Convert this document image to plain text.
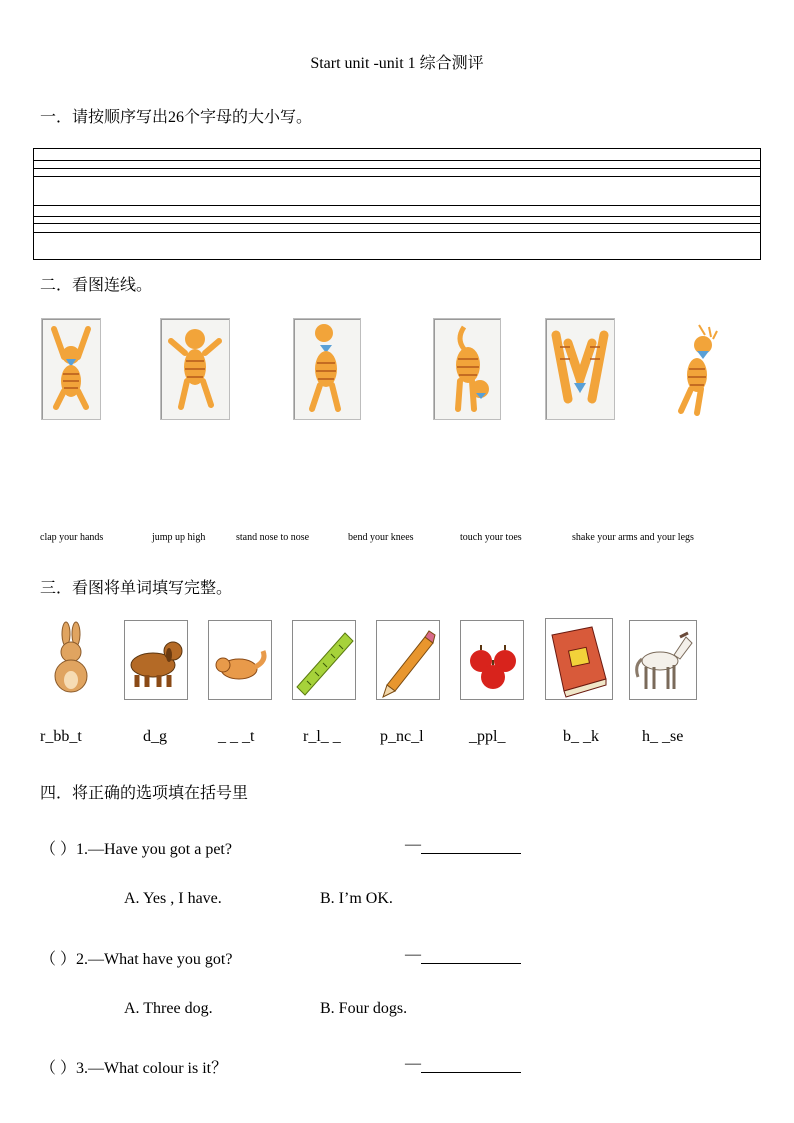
Start unit -unit 1 综合测评
一．请按顺序写出26个字母的大小写。
二．看图连线。
clap your hands	jump up high	stand nose to nose	bend your knees	touch your toes	shake your arms and your legs
三．看图将单词填写完整。
r_bb_t	d_g	_ _ _t	r_l_ _ p_nc_l	_ppl_	b_ _k	h_ _se
四．将正确的选项填在括号里
（ ）1.—Have you got a pet?	—
A. Yes , I have.	B. I’m OK.
（ ）2.—What have you got?	—
A. Three dog.	B. Four dogs.
（ ）3.—What colour is it？	—
